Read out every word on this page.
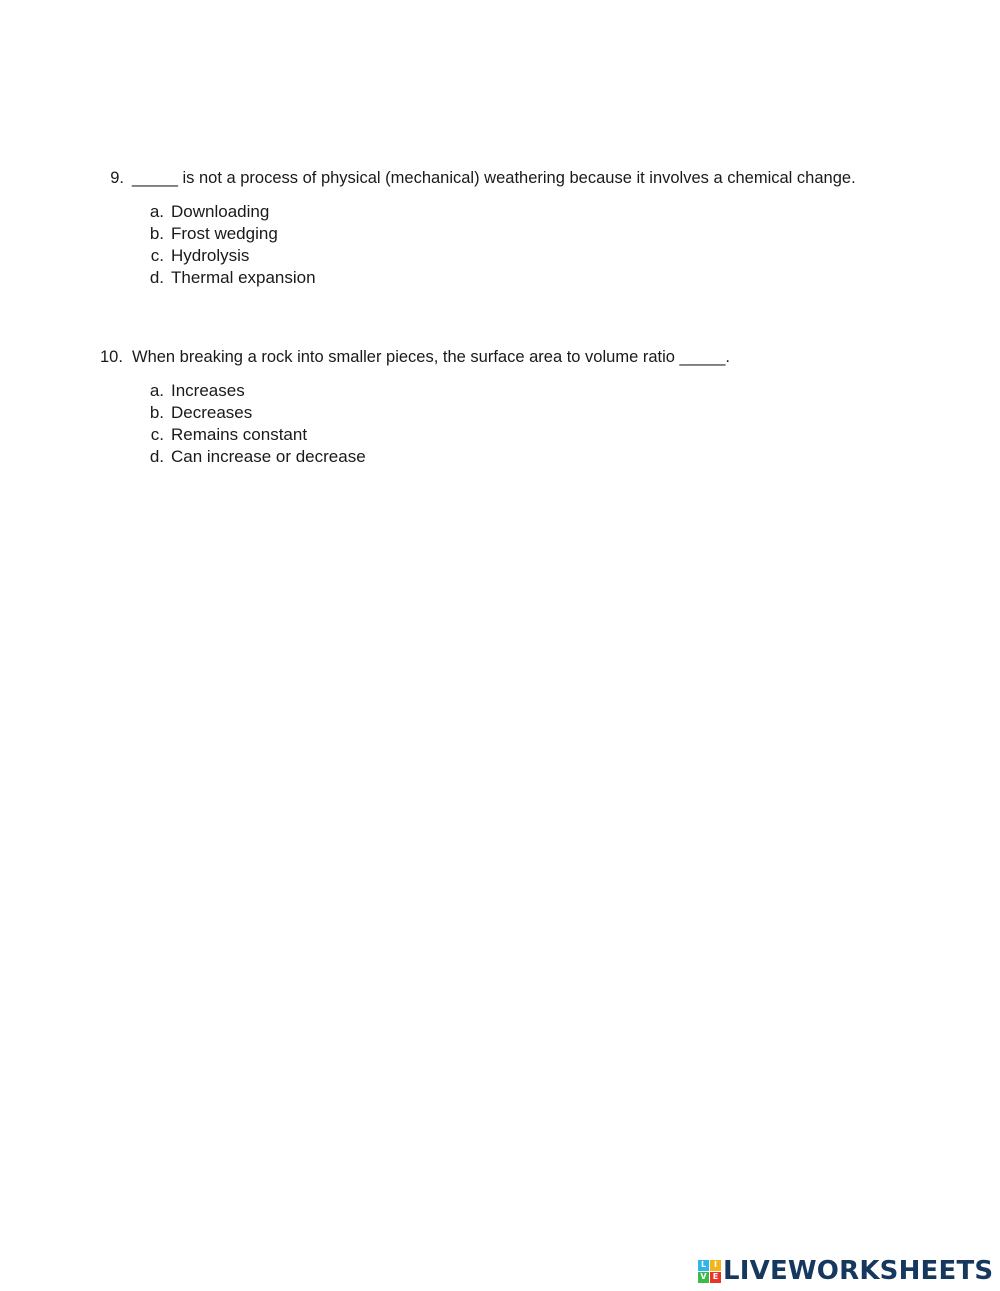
9. _____ is not a process of physical (mechanical) weathering because it involves a chemical change.
a. Downloading
b. Frost wedging
c. Hydrolysis
d. Thermal expansion
10. When breaking a rock into smaller pieces, the surface area to volume ratio _____.
a. Increases
b. Decreases
c. Remains constant
d. Can increase or decrease
L I
V E LIVEWORKSHEETS
